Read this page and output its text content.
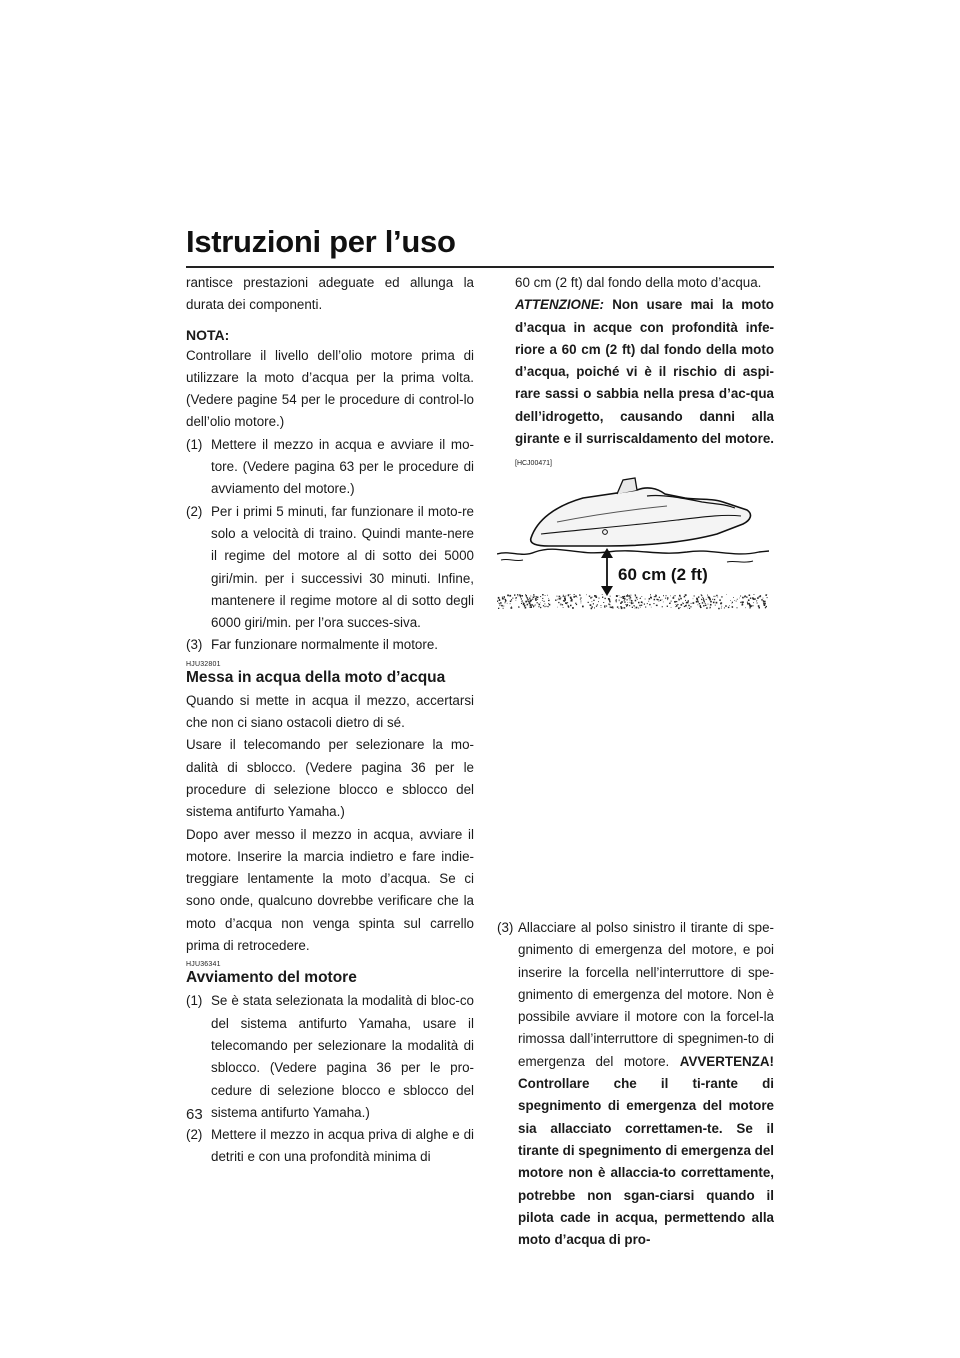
Istruzioni per l’uso

rantisce prestazioni adeguate ed allunga la durata dei componenti.

NOTA:

Controllare il livello dell’olio motore prima di utilizzare la moto d’acqua per la prima volta. (Vedere pagine 54 per le procedure di control-lo dell’olio motore.)

(1) Mettere il mezzo in acqua e avviare il mo-tore. (Vedere pagina 63 per le procedure di avviamento del motore.)
(2) Per i primi 5 minuti, far funzionare il moto-re solo a velocità di traino. Quindi mante-nere il regime del motore al di sotto dei 5000 giri/min. per i successivi 30 minuti. Infine, mantenere il regime motore al di sotto degli 6000 giri/min. per l’ora succes-siva.
(3) Far funzionare normalmente il motore.
HJU32801
Messa in acqua della moto d’acqua

Quando si mette in acqua il mezzo, accertarsi che non ci siano ostacoli dietro di sé.

Usare il telecomando per selezionare la mo-dalità di sblocco. (Vedere pagina 36 per le procedure di selezione blocco e sblocco del sistema antifurto Yamaha.)

Dopo aver messo il mezzo in acqua, avviare il motore. Inserire la marcia indietro e fare indie-treggiare lentamente la moto d’acqua. Se ci sono onde, qualcuno dovrebbe verificare che la moto d’acqua non venga spinta sul carrello prima di retrocedere.

HJU36341
Avviamento del motore
(1) Se è stata selezionata la modalità di bloc-co del sistema antifurto Yamaha, usare il telecomando per selezionare la modalità di sblocco. (Vedere pagina 36 per le pro-cedure di selezione blocco e sblocco del sistema antifurto Yamaha.)
(2) Mettere il mezzo in acqua priva di alghe e di detriti e con una profondità minima di

60 cm (2 ft) dal fondo della moto d’acqua.

ATTENZIONE: Non usare mai la moto d’acqua in acque con profondità infe-riore a 60 cm (2 ft) dal fondo della moto d’acqua, poiché vi è il rischio di aspi-rare sassi o sabbia nella presa d’ac-qua dell’idrogetto, causando danni alla girante e il surriscaldamento del motore. [HCJ00471]

60 cm (2 ft)
(3) Allacciare al polso sinistro il tirante di spe-gnimento di emergenza del motore, e poi inserire la forcella nell’interruttore di spe-gnimento di emergenza del motore. Non è possibile avviare il motore con la forcel-la rimossa dall’interruttore di spegnimen-to di emergenza del motore. AVVERTENZA! Controllare che il ti-rante di spegnimento di emergenza del motore sia allacciato correttamen-te. Se il tirante di spegnimento di emergenza del motore non è allaccia-to correttamente, potrebbe non sgan-ciarsi quando il pilota cade in acqua, permettendo alla moto d’acqua di pro-
63
